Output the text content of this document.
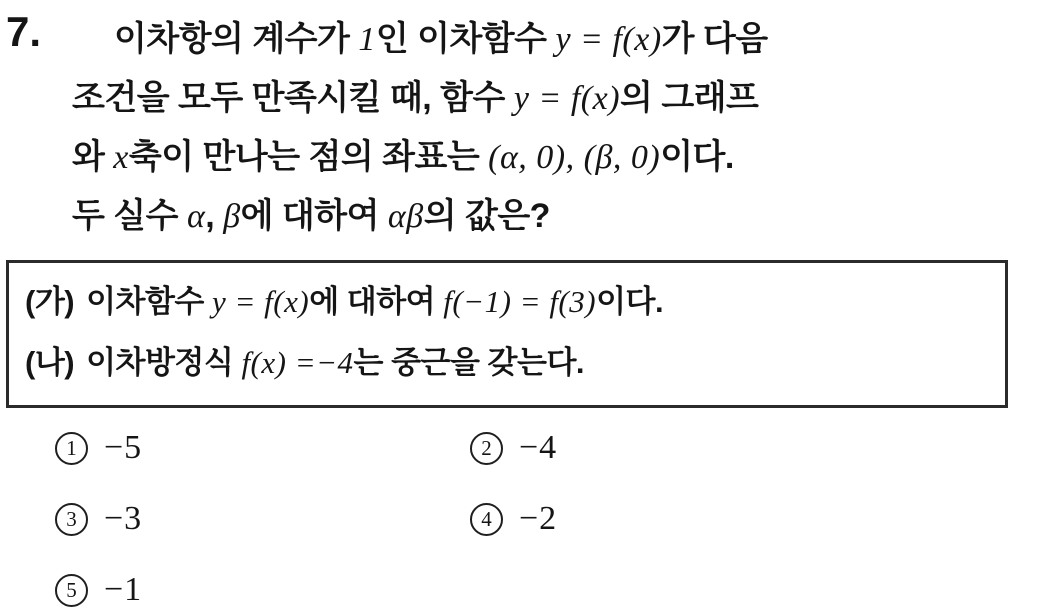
7.	이차항의 계수가 1인 이차함수 y = f(x)가 다음
조건을 모두 만족시킬 때, 함수 y = f(x)의 그래프
와 x축이 만나는 점의 좌표는 (α, 0), (β, 0)이다.
두 실수 α, β에 대하여 αβ의 값은?
(가) 이차함수 y = f(x)에 대하여 f(−1) = f(3)이다.
(나) 이차방정식 f(x) =−4는 중근을 갖는다.
1 −5	2 −4
3 −3	4 −2
5 −1
